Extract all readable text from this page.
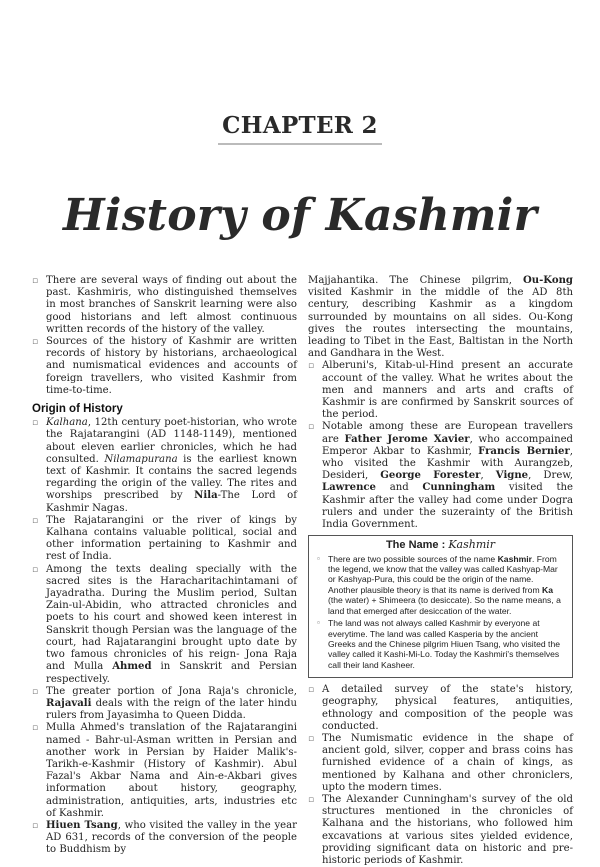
CHAPTER 2
History of Kashmir
▫ There are several ways of finding out about the past. Kashmiris, who distinguished themselves in most branches of Sanskrit learning were also good historians and left almost continuous written records of the history of the valley.
▫ Sources of the history of Kashmir are written records of history by historians, archaeological and numismatical evidences and accounts of foreign travellers, who visited Kashmir from time-to-time.
Origin of History
▫ Kalhana, 12th century poet-historian, who wrote the Rajatarangini (AD 1148-1149), mentioned about eleven earlier chronicles, which he had consulted. Nilamapurana is the earliest known text of Kashmir. It contains the sacred legends regarding the origin of the valley. The rites and worships prescribed by Nila-The Lord of Kashmir Nagas.
▫ The Rajatarangini or the river of kings by Kalhana contains valuable political, social and other information pertaining to Kashmir and rest of India.
▫ Among the texts dealing specially with the sacred sites is the Haracharitachintamani of Jayadratha. During the Muslim period, Sultan Zain-ul-Abidin, who attracted chronicles and poets to his court and showed keen interest in Sanskrit though Persian was the language of the court, had Rajatarangini brought upto date by two famous chronicles of his reign- Jona Raja and Mulla Ahmed in Sanskrit and Persian respectively.
▫ The greater portion of Jona Raja's chronicle, Rajavali deals with the reign of the later hindu rulers from Jayasimha to Queen Didda.
▫ Mulla Ahmed's translation of the Rajatarangini named - Bahr-ul-Asman written in Persian and another work in Persian by Haider Malik's-Tarikh-e-Kashmir (History of Kashmir). Abul Fazal's Akbar Nama and Ain-e-Akbari gives information about history, geography, administration, antiquities, arts, industries etc of Kashmir.
▫ Hiuen Tsang, who visited the valley in the year AD 631, records of the conversion of the people to Buddhism by
Majjahantika. The Chinese pilgrim, Ou-Kong visited Kashmir in the middle of the AD 8th century, describing Kashmir as a kingdom surrounded by mountains on all sides. Ou-Kong gives the routes intersecting the mountains, leading to Tibet in the East, Baltistan in the North and Gandhara in the West.
▫ Alberuni's, Kitab-ul-Hind present an accurate account of the valley. What he writes about the men and manners and arts and crafts of Kashmir is are confirmed by Sanskrit sources of the period.
▫ Notable among these are European travellers are Father Jerome Xavier, who accompained Emperor Akbar to Kashmir, Francis Bernier, who visited the Kashmir with Aurangzeb, Desideri, George Forester, Vigne, Drew, Lawrence and Cunningham visited the Kashmir after the valley had come under Dogra rulers and under the suzerainty of the British India Government.
The Name : Kashmir
▫ There are two possible sources of the name Kashmir. From the legend, we know that the valley was called Kashyap-Mar or Kashyap-Pura, this could be the origin of the name. Another plausible theory is that its name is derived from Ka (the water) + Shimeera (to desiccate). So the name means, a land that emerged after desiccation of the water.
▫ The land was not always called Kashmir by everyone at everytime. The land was called Kasperia by the ancient Greeks and the Chinese pilgrim Hiuen Tsang, who visited the valley called it Kashi-Mi-Lo. Today the Kashmiri's themselves call their land Kasheer.
▫ A detailed survey of the state's history, geography, physical features, antiquities, ethnology and composition of the people was conducted.
▫ The Numismatic evidence in the shape of ancient gold, silver, copper and brass coins has furnished evidence of a chain of kings, as mentioned by Kalhana and other chroniclers, upto the modern times.
▫ The Alexander Cunningham's survey of the old structures mentioned in the chronicles of Kalhana and the historians, who followed him excavations at various sites yielded evidence, providing significant data on historic and pre-historic periods of Kashmir.
